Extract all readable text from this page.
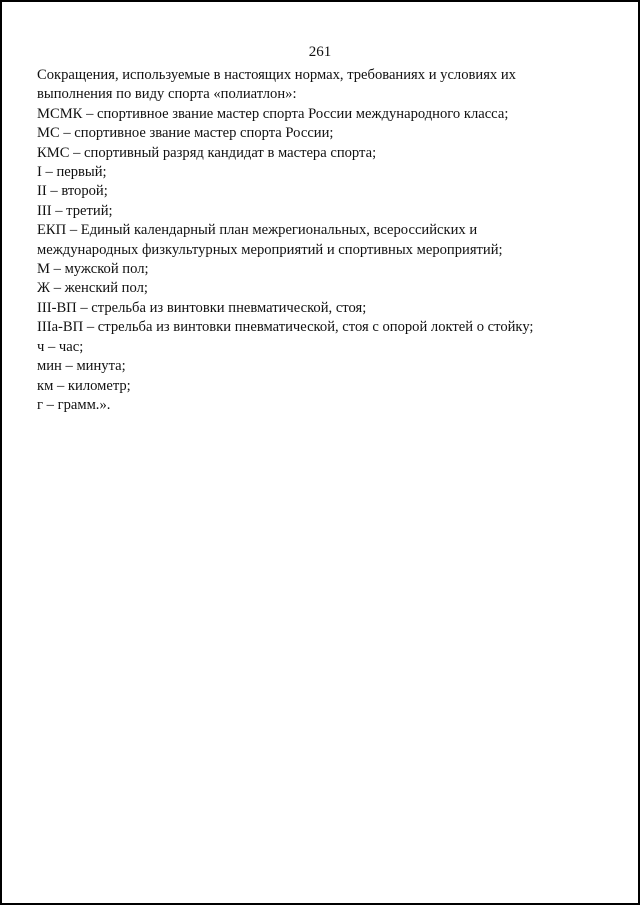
261
Сокращения, используемые в настоящих нормах, требованиях и условиях их
выполнения по виду спорта «полиатлон»:
МСМК – спортивное звание мастер спорта России международного класса;
МС – спортивное звание мастер спорта России;
КМС – спортивный разряд кандидат в мастера спорта;
I – первый;
II – второй;
III – третий;
ЕКП – Единый календарный план межрегиональных, всероссийских и
международных физкультурных мероприятий и спортивных мероприятий;
М – мужской пол;
Ж – женский пол;
III-ВП – стрельба из винтовки пневматической, стоя;
IIIа-ВП – стрельба из винтовки пневматической, стоя с опорой локтей о стойку;
ч – час;
мин – минута;
км – километр;
г – грамм.».
